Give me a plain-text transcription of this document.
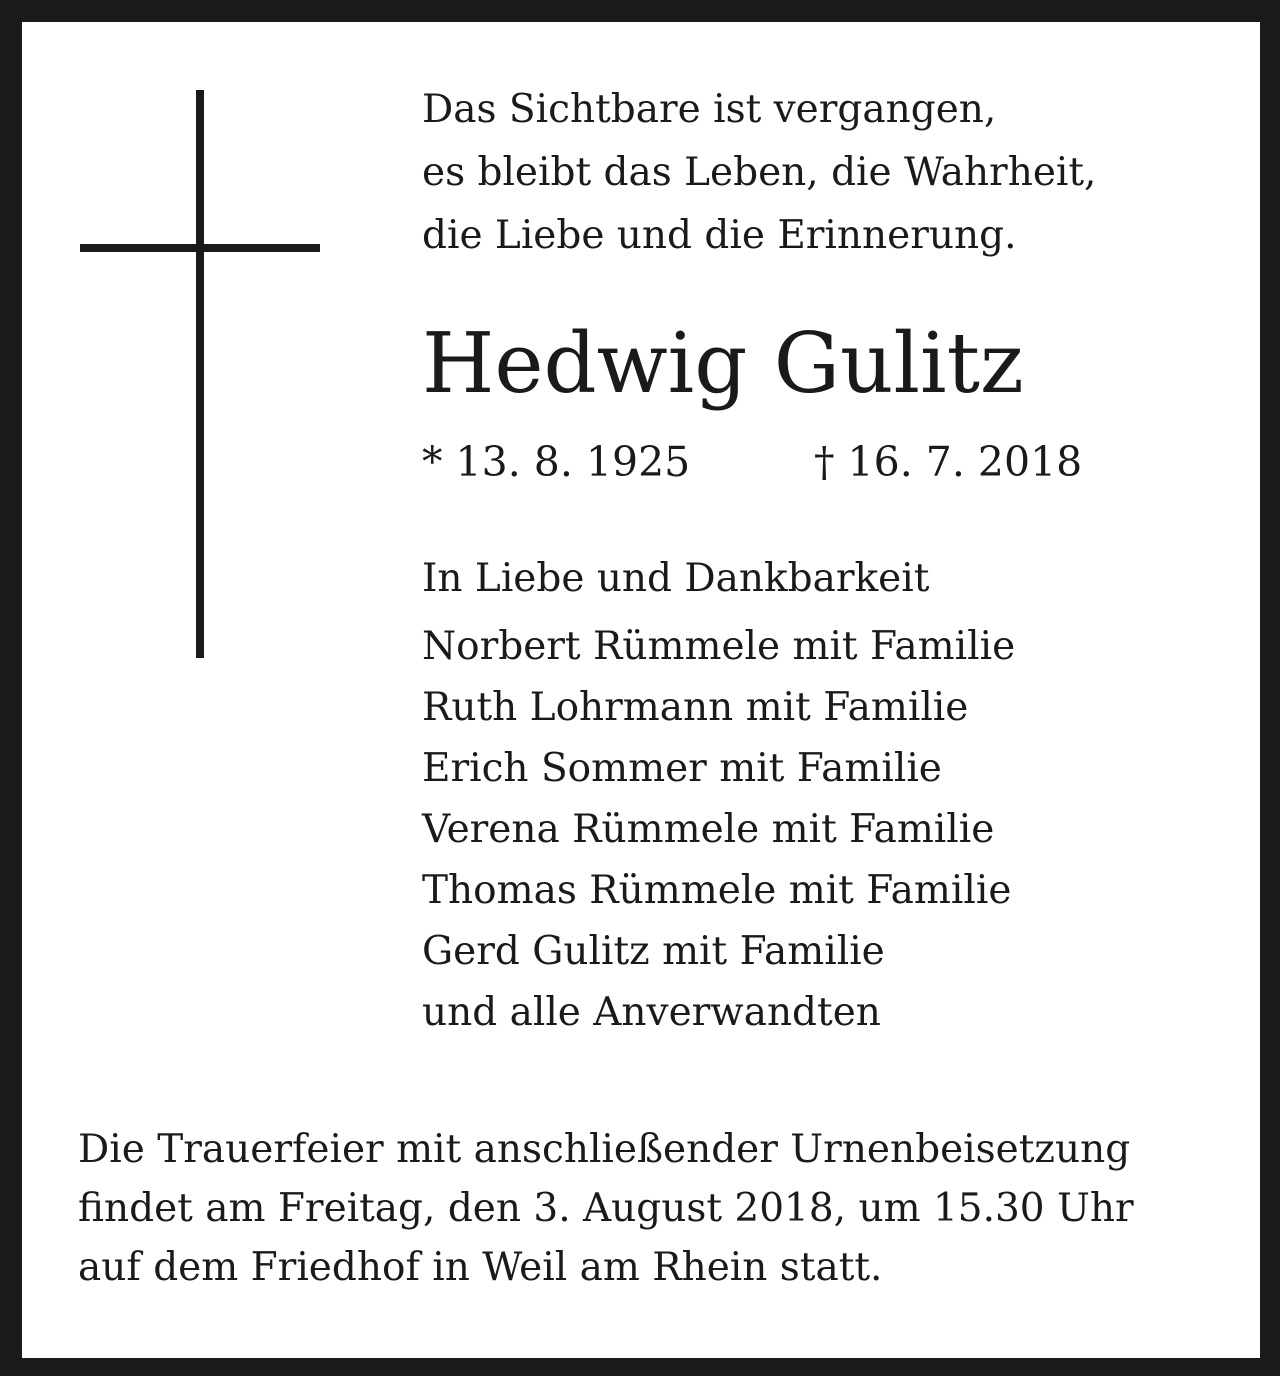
Das Sichtbare ist vergangen,
es bleibt das Leben, die Wahrheit,
die Liebe und die Erinnerung.
Hedwig Gulitz
* 13. 8. 1925	† 16. 7. 2018
In Liebe und Dankbarkeit
Norbert Rümmele mit Familie
Ruth Lohrmann mit Familie
Erich Sommer mit Familie
Verena Rümmele mit Familie
Thomas Rümmele mit Familie
Gerd Gulitz mit Familie
und alle Anverwandten
Die Trauerfeier mit anschließender Urnenbeisetzung
findet am Freitag, den 3. August 2018, um 15.30 Uhr
auf dem Friedhof in Weil am Rhein statt.
